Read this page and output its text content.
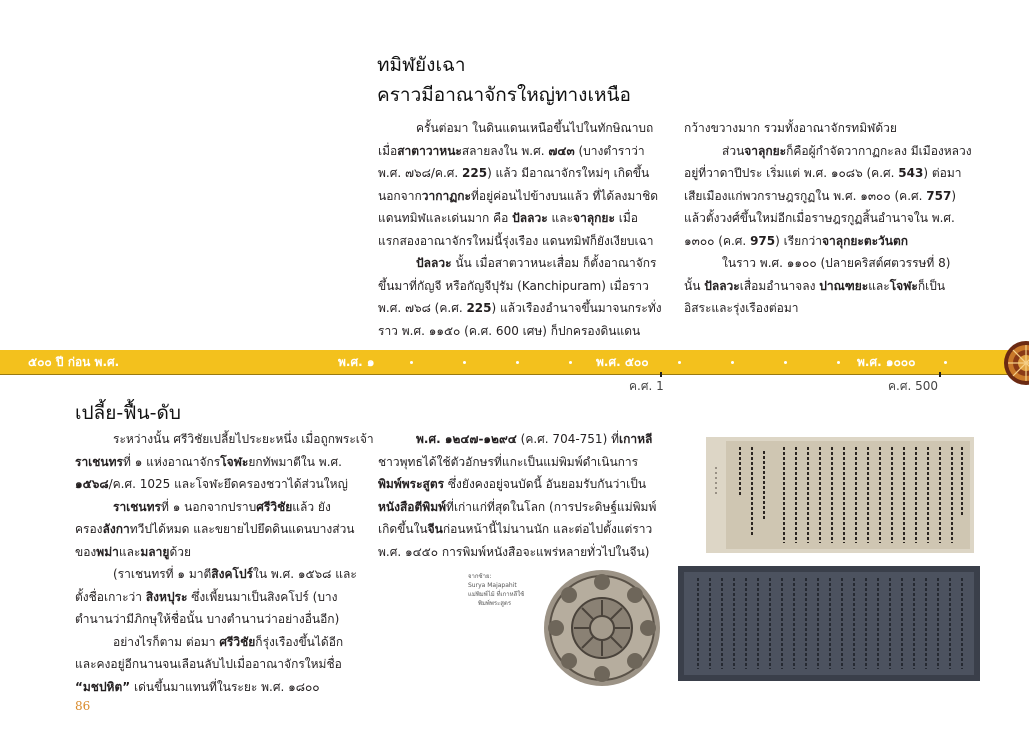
ทมิฬยังเฉา
คราวมีอาณาจักรใหญ่ทางเหนือ

ครั้นต่อมา ในดินแดนเหนือขึ้นไปในทักษิณาบถ

เมื่อสาตาวาหนะสลายลงใน พ.ศ. ๗๔๓ (บางตำราว่า

พ.ศ. ๗๖๘/ค.ศ. 225) แล้ว มีอาณาจักรใหม่ๆ เกิดขึ้น

นอกจากวากาฏกะที่อยู่ค่อนไปข้างบนแล้ว ที่ได้ลงมาชิด

แดนทมิฬและเด่นมาก คือ ปัลลวะ และจาลุกยะ เมื่อ

แรกสองอาณาจักรใหม่นี้รุ่งเรือง แดนทมิฬก็ยังเงียบเฉา

ปัลลวะ นั้น เมื่อสาตวาหนะเสื่อม ก็ตั้งอาณาจักร

ขึ้นมาที่กัญจี หรือกัญจีปุรัม (Kanchipuram) เมื่อราว

พ.ศ. ๗๖๘ (ค.ศ. 225) แล้วเรืองอำนาจขึ้นมาจนกระทั่ง

ราว พ.ศ. ๑๑๕๐ (ค.ศ. 600 เศษ) ก็ปกครองดินแดน

กว้างขวางมาก รวมทั้งอาณาจักรทมิฬด้วย

ส่วนจาลุกยะก็คือผู้กำจัดวากาฏกะลง มีเมืองหลวง

อยู่ที่วาดาปีประ เริ่มแต่ พ.ศ. ๑๐๘๖ (ค.ศ. 543) ต่อมา

เสียเมืองแก่พวกราษฎรกูฏใน พ.ศ. ๑๓๐๐ (ค.ศ. 757)

แล้วตั้งวงศ์ขึ้นใหม่อีกเมื่อราษฎรกูฏสิ้นอำนาจใน พ.ศ.

๑๓๐๐ (ค.ศ. 975) เรียกว่าจาลุกยะตะวันตก

ในราว พ.ศ. ๑๑๐๐ (ปลายคริสต์ศตวรรษที่ 8)

นั้น ปัลลวะเสื่อมอำนาจลง ปาณฑยะและโจฬะก็เป็น

อิสระและรุ่งเรืองต่อมา

๕๐๐ ปี ก่อน พ.ศ.	พ.ศ. ๑	พ.ศ. ๕๐๐	พ.ศ. ๑๐๐๐
ค.ศ. 1	ค.ศ. 500
เปลี้ย-ฟื้น-ดับ

ระหว่างนั้น ศรีวิชัยเปลี้ยไประยะหนึ่ง เมื่อถูกพระเจ้า

ราเชนทรที่ ๑ แห่งอาณาจักรโจฬะยกทัพมาตีใน พ.ศ.

๑๕๖๘/ค.ศ. 1025 และโจฬะยึดครองชวาได้ส่วนใหญ่

ราเชนทรที่ ๑ นอกจากปราบศรีวิชัยแล้ว ยัง

ครองลังกาทวีปได้หมด และขยายไปยึดดินแดนบางส่วน

ของพม่าและมลายูด้วย

(ราเชนทรที่ ๑ มาตีสิงคโปร์ใน พ.ศ. ๑๕๖๘ และ

ตั้งชื่อเกาะว่า สิงหปุระ ซึ่งเพี้ยนมาเป็นสิงคโปร์ (บาง

ตำนานว่ามีภิกษุให้ชื่อนั้น บางตำนานว่าอย่างอื่นอีก)

อย่างไรก็ตาม ต่อมา ศรีวิชัยก็รุ่งเรืองขึ้นได้อีก

และคงอยู่อีกนานจนเลือนลับไปเมื่ออาณาจักรใหม่ชื่อ

“มชปหิต” เด่นขึ้นมาแทนที่ในระยะ พ.ศ. ๑๘๐๐

พ.ศ. ๑๒๔๗-๑๒๙๔ (ค.ศ. 704-751) ที่เกาหลี

ชาวพุทธได้ใช้ตัวอักษรที่แกะเป็นแม่พิมพ์ดำเนินการ

พิมพ์พระสูตร ซึ่งยังคงอยู่จนบัดนี้ อันยอมรับกันว่าเป็น

หนังสือตีพิมพ์ที่เก่าแก่ที่สุดในโลก (การประดิษฐ์แม่พิมพ์

เกิดขึ้นในจีนก่อนหน้านี้ไม่นานนัก และต่อไปตั้งแต่ราว

พ.ศ. ๑๔๕๐ การพิมพ์หนังสือจะแพร่หลายทั่วไปในจีน)

จากซ้าย:
Surya Majapahit
แม่พิมพ์ไม้ ที่เกาหลีใช้
พิมพ์พระสูตร
86
